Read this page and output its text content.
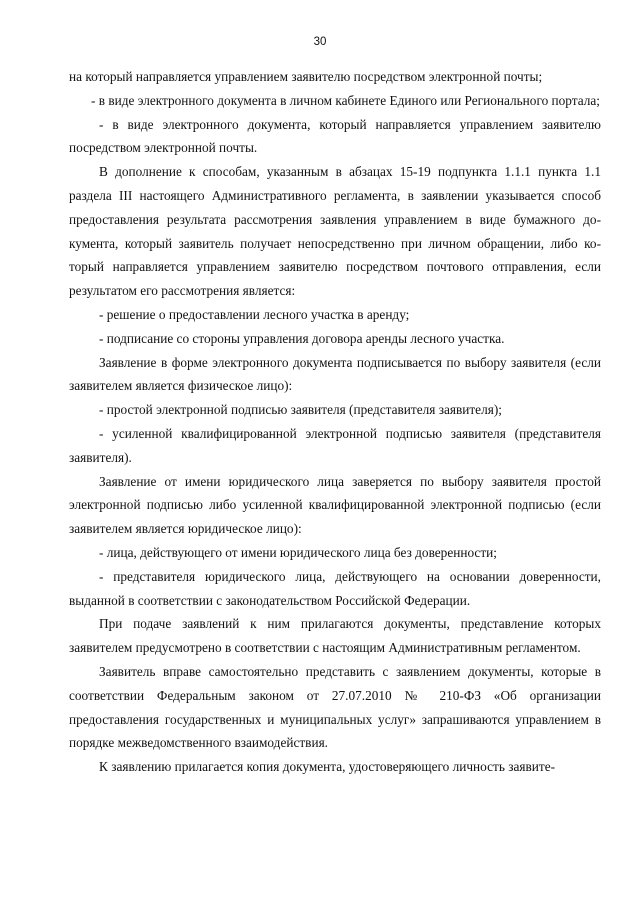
30

на который направляется управлением заявителю посредством электронной почты;

- в виде электронного документа в личном кабинете Единого или Регионального портала;

- в виде электронного документа, который направляется управлением заявителю посредством электронной почты.

В дополнение к способам, указанным в абзацах 15-19 подпункта 1.1.1 пункта 1.1 раздела III настоящего Административного регламента, в заявлении указывается способ предоставления результата рассмотрения заявления управлением в виде бумажного документа, который заявитель получает непосредственно при личном обращении, либо который направляется управлением заявителю посредством почтового отправления, если результатом его рассмотрения является:

- решение о предоставлении лесного участка в аренду;

- подписание со стороны управления договора аренды лесного участка.

Заявление в форме электронного документа подписывается по выбору заявителя (если заявителем является физическое лицо):

- простой электронной подписью заявителя (представителя заявителя);

- усиленной квалифицированной электронной подписью заявителя (представителя заявителя).

Заявление от имени юридического лица заверяется по выбору заявителя простой электронной подписью либо усиленной квалифицированной электронной подписью (если заявителем является юридическое лицо):

- лица, действующего от имени юридического лица без доверенности;

- представителя юридического лица, действующего на основании доверенности, выданной в соответствии с законодательством Российской Федерации.

При подаче заявлений к ним прилагаются документы, представление которых заявителем предусмотрено в соответствии с настоящим Административным регламентом.

Заявитель вправе самостоятельно представить с заявлением документы, которые в соответствии Федеральным законом от 27.07.2010 № 210-ФЗ «Об организации предоставления государственных и муниципальных услуг» запрашиваются управлением в порядке межведомственного взаимодействия.

К заявлению прилагается копия документа, удостоверяющего личность заявите-
